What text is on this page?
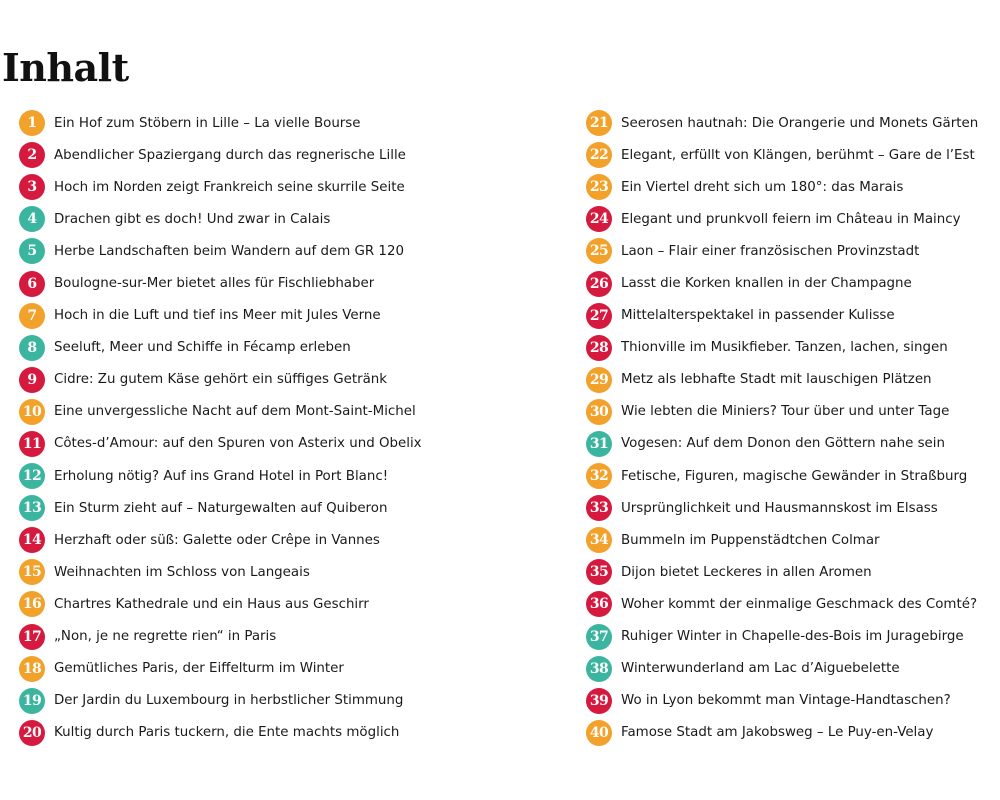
Inhalt
1	Ein Hof zum Stöbern in Lille – La vielle Bourse
2	Abendlicher Spaziergang durch das regnerische Lille
3	Hoch im Norden zeigt Frankreich seine skurrile Seite
4	Drachen gibt es doch! Und zwar in Calais
5	Herbe Landschaften beim Wandern auf dem GR 120
6	Boulogne-sur-Mer bietet alles für Fischliebhaber
7	Hoch in die Luft und tief ins Meer mit Jules Verne
8	Seeluft, Meer und Schiffe in Fécamp erleben
9	Cidre: Zu gutem Käse gehört ein süffiges Getränk
10 Eine unvergessliche Nacht auf dem Mont-Saint-Michel
11 Côtes-d’Amour: auf den Spuren von Asterix und Obelix
12 Erholung nötig? Auf ins Grand Hotel in Port Blanc!
13 Ein Sturm zieht auf – Naturgewalten auf Quiberon
14 Herzhaft oder süß: Galette oder Crêpe in Vannes
15 Weihnachten im Schloss von Langeais
16 Chartres Kathedrale und ein Haus aus Geschirr
17 „Non, je ne regrette rien“ in Paris
18 Gemütliches Paris, der Eiffelturm im Winter
19 Der Jardin du Luxembourg in herbstlicher Stimmung
20 Kultig durch Paris tuckern, die Ente machts möglich
21 Seerosen hautnah: Die Orangerie und Monets Gärten
22 Elegant, erfüllt von Klängen, berühmt – Gare de l’Est
23 Ein Viertel dreht sich um 180°: das Marais
24 Elegant und prunkvoll feiern im Château in Maincy
25 Laon – Flair einer französischen Provinzstadt
26 Lasst die Korken knallen in der Champagne
27 Mittelalterspektakel in passender Kulisse
28 Thionville im Musikfieber. Tanzen, lachen, singen
29 Metz als lebhafte Stadt mit lauschigen Plätzen
30 Wie lebten die Miniers? Tour über und unter Tage
31 Vogesen: Auf dem Donon den Göttern nahe sein
32 Fetische, Figuren, magische Gewänder in Straßburg
33 Ursprünglichkeit und Hausmannskost im Elsass
34 Bummeln im Puppenstädtchen Colmar
35 Dijon bietet Leckeres in allen Aromen
36 Woher kommt der einmalige Geschmack des Comté?
37 Ruhiger Winter in Chapelle-des-Bois im Juragebirge
38 Winterwunderland am Lac d’Aiguebelette
39 Wo in Lyon bekommt man Vintage-Handtaschen?
40 Famose Stadt am Jakobsweg – Le Puy-en-Velay
